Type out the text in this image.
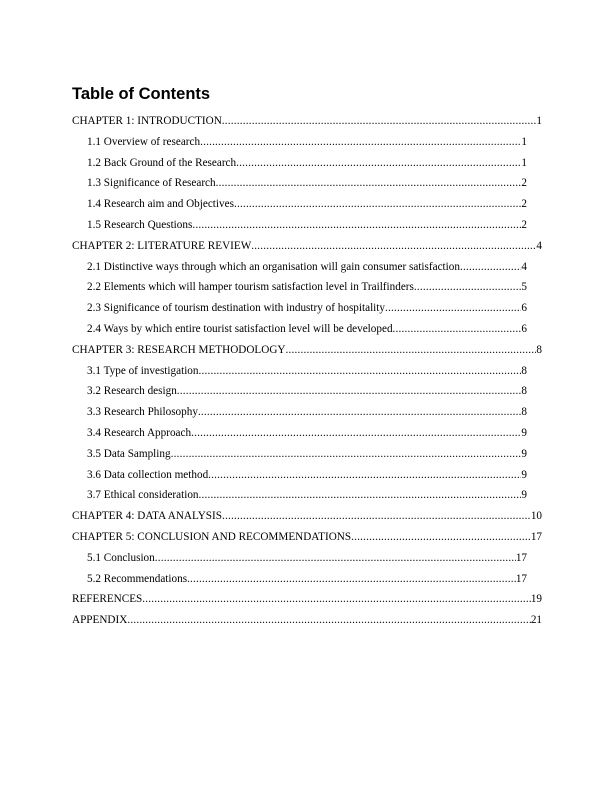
Table of Contents
CHAPTER 1: INTRODUCTION .....	1
1.1 Overview of research .....	1
1.2 Back Ground of the Research .....	1
1.3 Significance of Research .....	2
1.4 Research aim and Objectives .....	2
1.5 Research Questions .....	2
CHAPTER 2: LITERATURE REVIEW .....	4
2.1 Distinctive ways through which an organisation will gain consumer satisfaction .....	4
2.2 Elements which will hamper tourism satisfaction level in Trailfinders .....	5
2.3 Significance of tourism destination with industry of hospitality .....	6
2.4 Ways by which entire tourist satisfaction level will be developed .....	6
CHAPTER 3: RESEARCH METHODOLOGY .....	8
3.1 Type of investigation .....	8
3.2 Research design .....	8
3.3 Research Philosophy .....	8
3.4 Research Approach .....	9
3.5 Data Sampling .....	9
3.6 Data collection method .....	9
3.7 Ethical consideration .....	9
CHAPTER 4: DATA ANALYSIS .....	10
CHAPTER 5: CONCLUSION AND RECOMMENDATIONS .....	17
5.1 Conclusion .....	17
5.2 Recommendations .....	17
REFERENCES .....	19
APPENDIX .....	21
